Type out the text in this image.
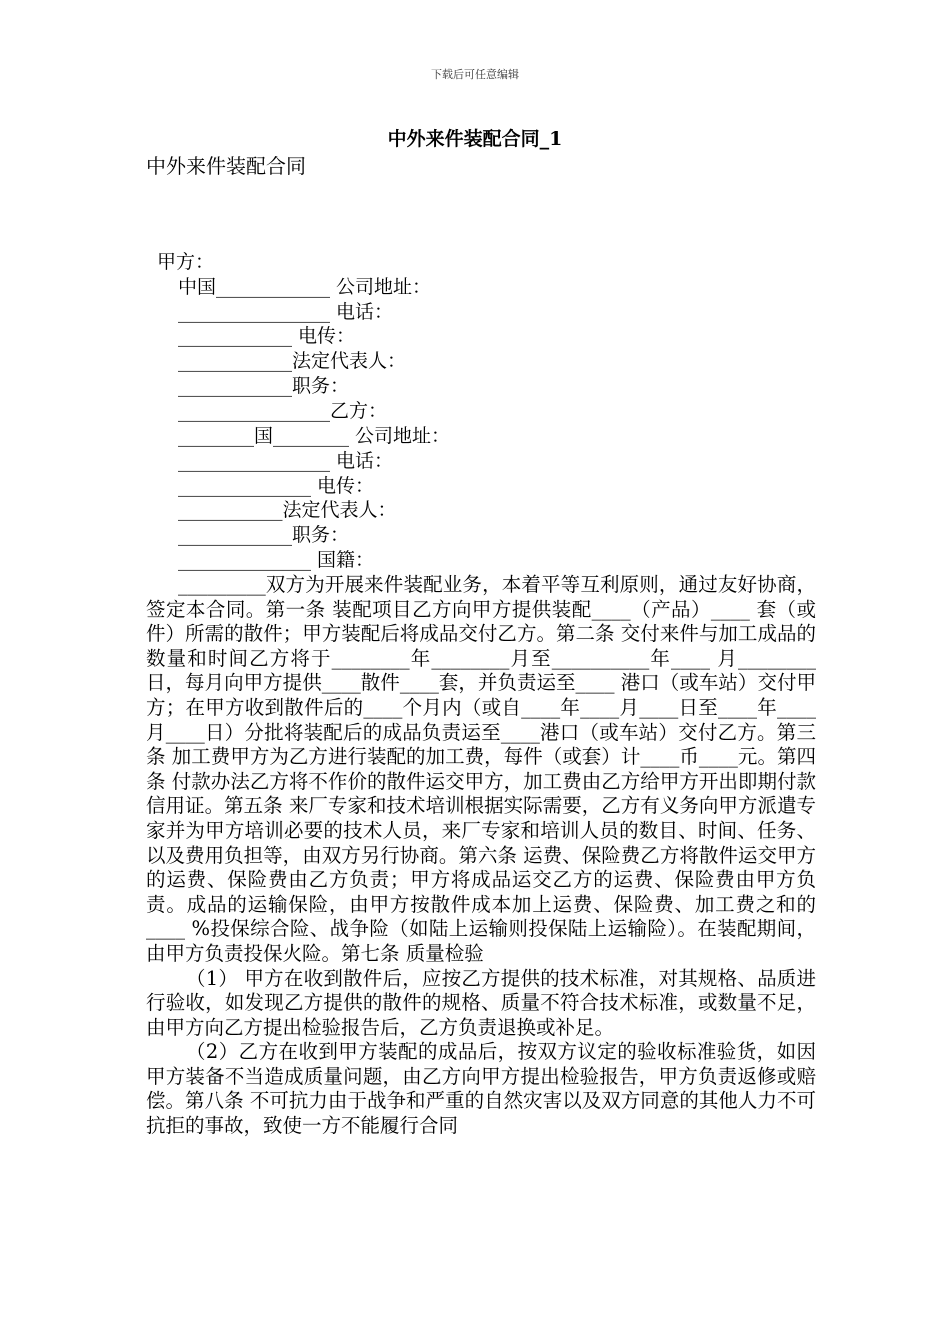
下载后可任意编辑
中外来件装配合同_1
中外来件装配合同
甲方：
中国____________ 公司地址：
________________ 电话：
____________ 电传：
____________法定代表人：
____________职务：
________________乙方：
________国________ 公司地址：
________________ 电话：
______________ 电传：
___________法定代表人：
____________职务：
______________ 国籍：

_________双方为开展来件装配业务，本着平等互利原则，通过友好协商，签定本合同。第一条 装配项目乙方向甲方提供装配____（产品）____ 套（或件）所需的散件；甲方装配后将成品交付乙方。第二条 交付来件与加工成品的数量和时间乙方将于________年________月至__________年____ 月________日，每月向甲方提供____散件____套，并负责运至____ 港口（或车站）交付甲方；在甲方收到散件后的____个月内（或自____年____月____日至____年____月____日）分批将装配后的成品负责运至____港口（或车站）交付乙方。第三条 加工费甲方为乙方进行装配的加工费，每件（或套）计____币____元。第四条 付款办法乙方将不作价的散件运交甲方，加工费由乙方给甲方开出即期付款信用证。第五条 来厂专家和技术培训根据实际需要，乙方有义务向甲方派遣专家并为甲方培训必要的技术人员，来厂专家和培训人员的数目、时间、任务、以及费用负担等，由双方另行协商。第六条 运费、保险费乙方将散件运交甲方的运费、保险费由乙方负责；甲方将成品运交乙方的运费、保险费由甲方负责。成品的运输保险，由甲方按散件成本加上运费、保险费、加工费之和的____ %投保综合险、战争险（如陆上运输则投保陆上运输险）。在装配期间，由甲方负责投保火险。第七条 质量检验

（1） 甲方在收到散件后，应按乙方提供的技术标准，对其规格、品质进行验收，如发现乙方提供的散件的规格、质量不符合技术标准，或数量不足，由甲方向乙方提出检验报告后，乙方负责退换或补足。

（2）乙方在收到甲方装配的成品后，按双方议定的验收标准验货，如因甲方装备不当造成质量问题，由乙方向甲方提出检验报告，甲方负责返修或赔偿。第八条 不可抗力由于战争和严重的自然灾害以及双方同意的其他人力不可抗拒的事故，致使一方不能履行合同
